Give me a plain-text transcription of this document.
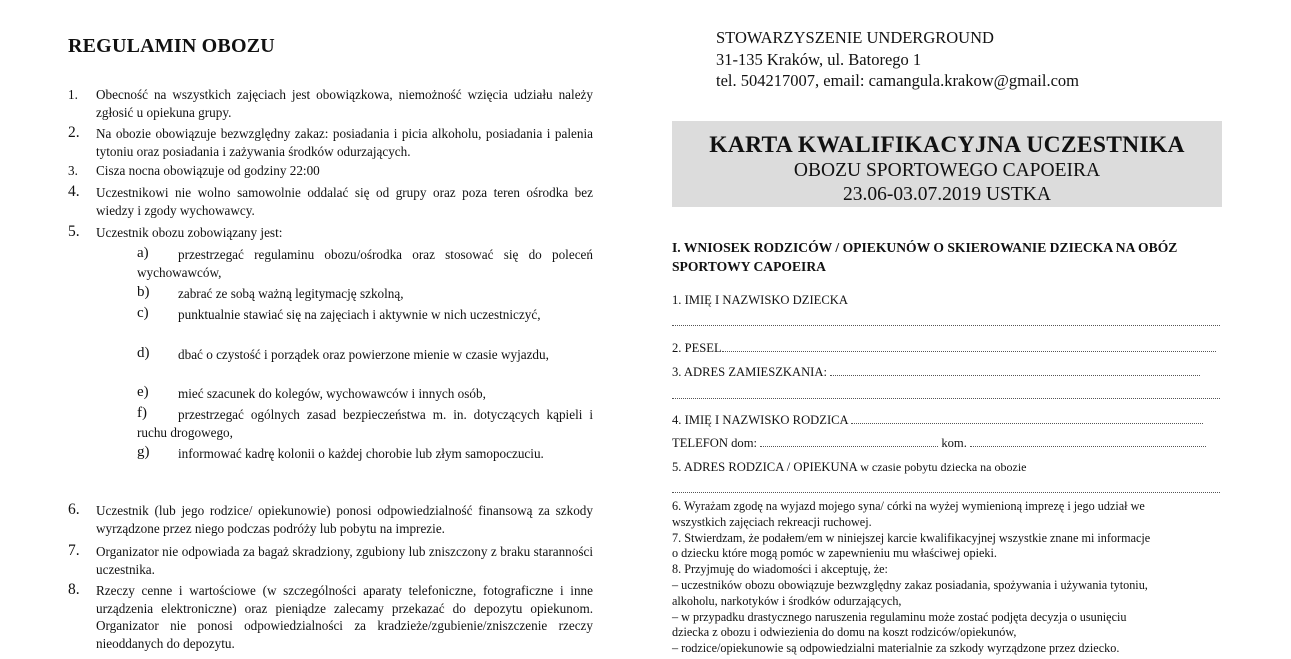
REGULAMIN OBOZU
1. Obecność na wszystkich zajęciach jest obowiązkowa, niemożność wzięcia udziału należy zgłosić u opiekuna grupy.
2. Na obozie obowiązuje bezwzględny zakaz: posiadania i picia alkoholu, posiadania i palenia tytoniu oraz posiadania i zażywania środków odurzających.
3. Cisza nocna obowiązuje od godziny 22:00
4. Uczestnikowi nie wolno samowolnie oddalać się od grupy oraz poza teren ośrodka bez wiedzy i zgody wychowawcy.
5. Uczestnik obozu zobowiązany jest:
a)	przestrzegać regulaminu obozu/ośrodka oraz stosować się do poleceń wychowawców,
b)	zabrać ze sobą ważną legitymację szkolną,
c)	punktualnie stawiać się na zajęciach i aktywnie w nich uczestniczyć,
d)	dbać o czystość i porządek oraz powierzone mienie w czasie wyjazdu,
e)	mieć szacunek do kolegów, wychowawców i innych osób,
f)	przestrzegać ogólnych zasad bezpieczeństwa m. in. dotyczących kąpieli i ruchu drogowego,
g)	informować kadrę kolonii o każdej chorobie lub złym samopoczuciu.
6. Uczestnik (lub jego rodzice/ opiekunowie) ponosi odpowiedzialność finansową za szkody wyrządzone przez niego podczas podróży lub pobytu na imprezie.
7. Organizator nie odpowiada za bagaż skradziony, zgubiony lub zniszczony z braku staranności uczestnika.
8. Rzeczy cenne i wartościowe (w szczególności aparaty telefoniczne, fotograficzne i inne urządzenia elektroniczne) oraz pieniądze zalecamy przekazać do depozytu opiekunom. Organizator nie ponosi odpowiedzialności za kradzieże/zgubienie/zniszczenie rzeczy nieoddanych do depozytu.
STOWARZYSZENIE UNDERGROUND
31-135 Kraków, ul. Batorego 1
tel. 504217007, email: camangula.krakow@gmail.com
KARTA KWALIFIKACYJNA UCZESTNIKA
OBOZU SPORTOWEGO CAPOEIRA
23.06-03.07.2019 USTKA
I. WNIOSEK RODZICÓW / OPIEKUNÓW O SKIEROWANIE DZIECKA NA OBÓZ SPORTOWY CAPOEIRA
1. IMIĘ I NAZWISKO DZIECKA
2. PESEL
3. ADRES ZAMIESZKANIA:
4. IMIĘ I NAZWISKO RODZICA
TELEFON dom:	kom.
5. ADRES RODZICA / OPIEKUNA w czasie pobytu dziecka na obozie
6. Wyrażam zgodę na wyjazd mojego syna/ córki na wyżej wymienioną imprezę i jego udział we
wszystkich zajęciach rekreacji ruchowej.
7. Stwierdzam, że podałem/em w niniejszej karcie kwalifikacyjnej wszystkie znane mi informacje
o dziecku które mogą pomóc w zapewnieniu mu właściwej opieki.
8. Przyjmuję do wiadomości i akceptuję, że:
– uczestników obozu obowiązuje bezwzględny zakaz posiadania, spożywania i używania tytoniu,
alkoholu, narkotyków i środków odurzających,
– w przypadku drastycznego naruszenia regulaminu może zostać podjęta decyzja o usunięciu
dziecka z obozu i odwiezienia do domu na koszt rodziców/opiekunów,
– rodzice/opiekunowie są odpowiedzialni materialnie za szkody wyrządzone przez dziecko.
